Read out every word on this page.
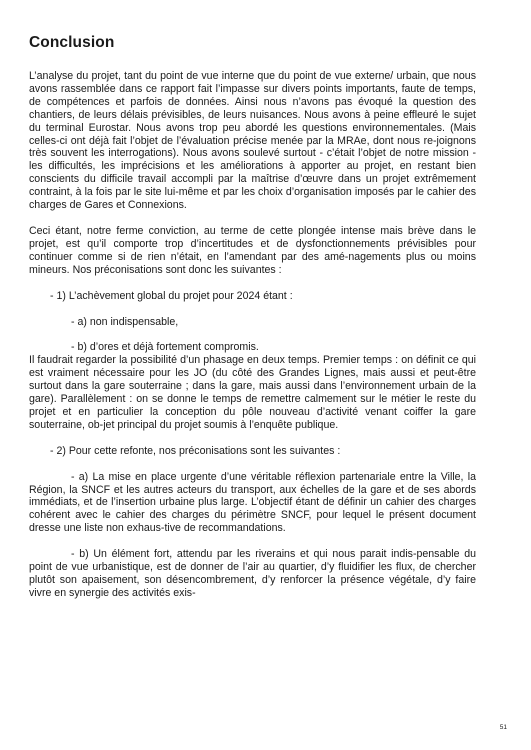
Conclusion

L’analyse du projet, tant du point de vue interne que du point de vue externe/ urbain, que nous avons rassemblée dans ce rapport fait l’impasse sur divers points importants, faute de temps, de compétences et parfois de données. Ainsi nous n’avons pas évoqué la question des chantiers, de leurs délais prévisibles, de leurs nuisances. Nous avons à peine effleuré le sujet du terminal Eurostar. Nous avons trop peu abordé les questions environnementales. (Mais celles-ci ont déjà fait l’objet de l’évaluation précise menée par la MRAe, dont nous re-joignons très souvent les interrogations). Nous avons soulevé surtout - c’était l’objet de notre mission - les difficultés, les imprécisions et les améliorations à apporter au projet, en restant bien conscients du difficile travail accompli par la maîtrise d’œuvre dans un projet extrêmement contraint, à la fois par le site lui-même et par les choix d’organisation imposés par le cahier des charges de Gares et Connexions.

Ceci étant, notre ferme conviction, au terme de cette plongée intense mais brève dans le projet, est qu’il comporte trop d’incertitudes et de dysfonctionnements prévisibles pour continuer comme si de rien n’était, en l’amendant par des amé-nagements plus ou moins mineurs. Nos préconisations sont donc les suivantes :

- 1) L’achèvement global du projet pour 2024 étant :

- a) non indispensable,

- b) d’ores et déjà fortement compromis.

Il faudrait regarder la possibilité d’un phasage en deux temps. Premier temps : on définit ce qui est vraiment nécessaire pour les JO (du côté des Grandes Lignes, mais aussi et peut-être surtout dans la gare souterraine ; dans la gare, mais aussi dans l’environnement urbain de la gare). Parallèlement : on se donne le temps de remettre calmement sur le métier le reste du projet et en particulier la conception du pôle nouveau d’activité venant coiffer la gare souterraine, ob-jet principal du projet soumis à l’enquête publique.

- 2) Pour cette refonte, nos préconisations sont les suivantes :

- a) La mise en place urgente d’une véritable réflexion partenariale entre la Ville, la Région, la SNCF et les autres acteurs du transport, aux échelles de la gare et de ses abords immédiats, et de l’insertion urbaine plus large. L’objectif étant de définir un cahier des charges cohérent avec le cahier des charges du périmètre SNCF, pour lequel le présent document dresse une liste non exhaus-tive de recommandations.

- b) Un élément fort, attendu par les riverains et qui nous parait indis-pensable du point de vue urbanistique, est de donner de l’air au quartier, d’y fluidifier les flux, de chercher plutôt son apaisement, son désencombrement, d’y renforcer la présence végétale, d’y faire vivre en synergie des activités exis-

51
